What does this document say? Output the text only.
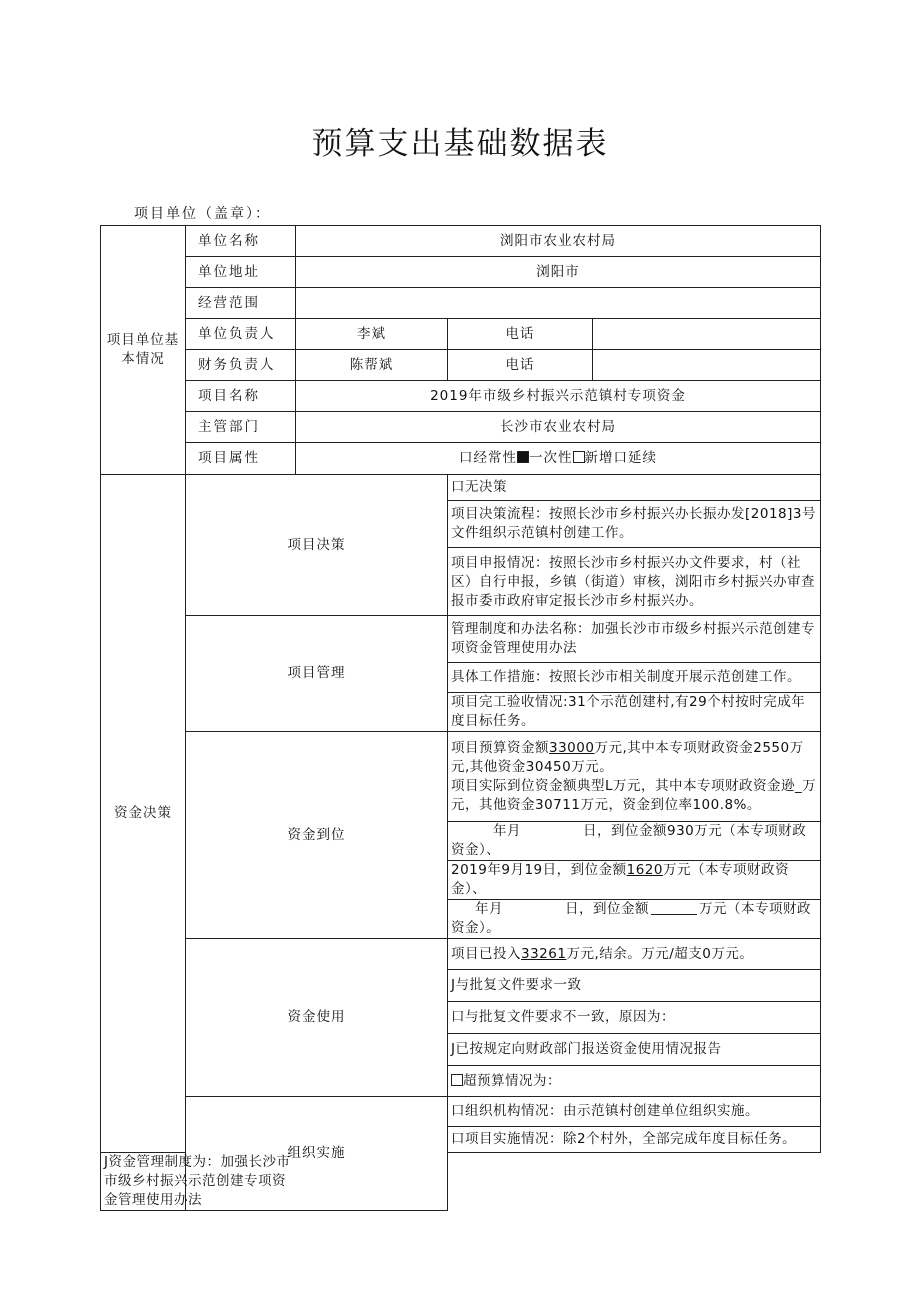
预算支出基础数据表
项目单位（盖章）：
项目单位基本情况	单位名称	浏阳市农业农村局		
	单位地址	浏阳市		
	经营范围			
	单位负责人	李斌	电话	
	财务负责人	陈帮斌	电话	
	项目名称	2019年市级乡村振兴示范镇村专项资金		
	主管部门	长沙市农业农村局		
	项目属性	口经常性 一次性 新增口延续		
资金决策	项目决策		口无决策	
			项目决策流程：按照长沙市乡村振兴办长振办发[2018]3号文件组织示范镇村创建工作。	
			项目申报情况：按照长沙市乡村振兴办文件要求，村（社区）自行申报，乡镇（街道）审核，浏阳市乡村振兴办审查报市委市政府审定报长沙市乡村振兴办。	
	项目管理		管理制度和办法名称：加强长沙市市级乡村振兴示范创建专项资金管理使用办法	
			具体工作措施：按照长沙市相关制度开展示范创建工作。	
			项目完工验收情况:31个示范创建村,有29个村按时完成年度目标任务。	
	资金到位		项目预算资金额33000万元,其中本专项财政资金2550万元,其他资金30450万元。
项目实际到位资金额典型L万元，其中本专项财政资金逊_万元，其他资金30711万元，资金到位率100.8%。	
			年月 日，到位金额930万元（本专项财政资金）、	
			2019年9月19日，到位金额1620万元（本专项财政资金）、	
			年月 日，到位金额 万元（本专项财政资金）。	
	资金使用		项目已投入33261万元,结余。万元/超支0万元。	
			J与批复文件要求一致	
			口与批复文件要求不一致，原因为：	
			J已按规定向财政部门报送资金使用情况报告	
			超预算情况为：	
	组织实施		口组织机构情况：由示范镇村创建单位组织实施。	
			口项目实施情况：除2个村外，全部完成年度目标任务。	
J资金管理制度为：加强长沙市市级乡村振兴示范创建专项资金管理使用办法				
